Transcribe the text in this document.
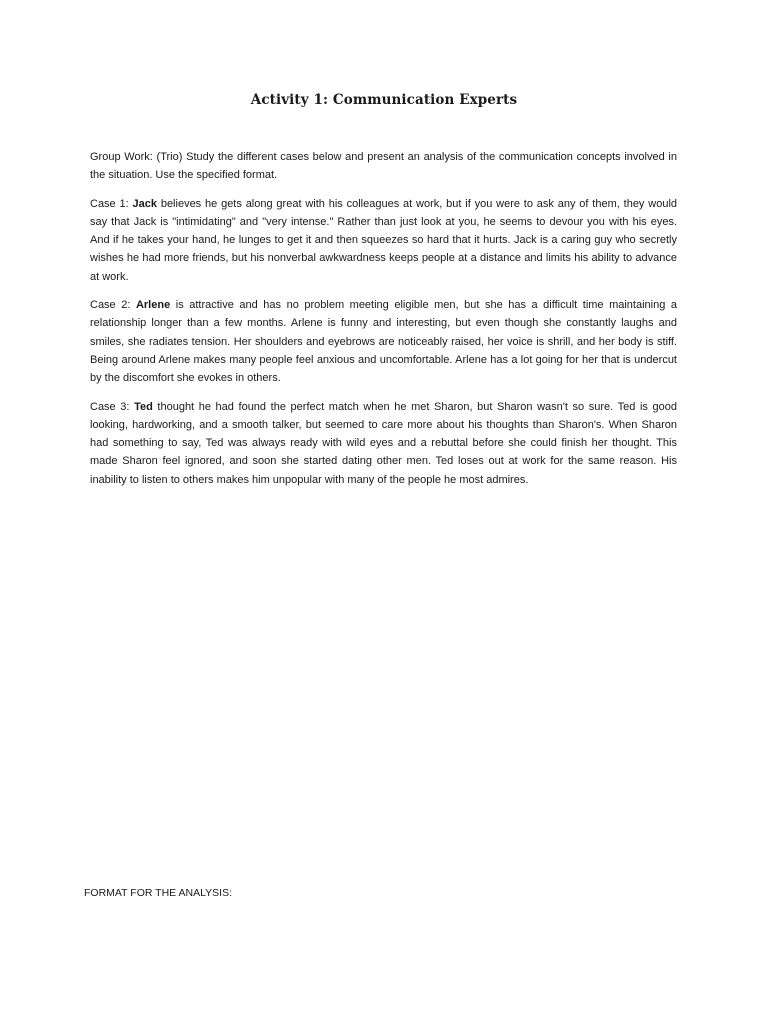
Activity 1: Communication Experts

Group Work: (Trio) Study the different cases below and present an analysis of the communication concepts involved in the situation. Use the specified format.

Case 1: Jack believes he gets along great with his colleagues at work, but if you were to ask any of them, they would say that Jack is "intimidating" and "very intense." Rather than just look at you, he seems to devour you with his eyes. And if he takes your hand, he lunges to get it and then squeezes so hard that it hurts. Jack is a caring guy who secretly wishes he had more friends, but his nonverbal awkwardness keeps people at a distance and limits his ability to advance at work.

Case 2: Arlene is attractive and has no problem meeting eligible men, but she has a difficult time maintaining a relationship longer than a few months. Arlene is funny and interesting, but even though she constantly laughs and smiles, she radiates tension. Her shoulders and eyebrows are noticeably raised, her voice is shrill, and her body is stiff. Being around Arlene makes many people feel anxious and uncomfortable. Arlene has a lot going for her that is undercut by the discomfort she evokes in others.

Case 3: Ted thought he had found the perfect match when he met Sharon, but Sharon wasn't so sure. Ted is good looking, hardworking, and a smooth talker, but seemed to care more about his thoughts than Sharon's. When Sharon had something to say, Ted was always ready with wild eyes and a rebuttal before she could finish her thought. This made Sharon feel ignored, and soon she started dating other men. Ted loses out at work for the same reason. His inability to listen to others makes him unpopular with many of the people he most admires.

FORMAT FOR THE ANALYSIS:
